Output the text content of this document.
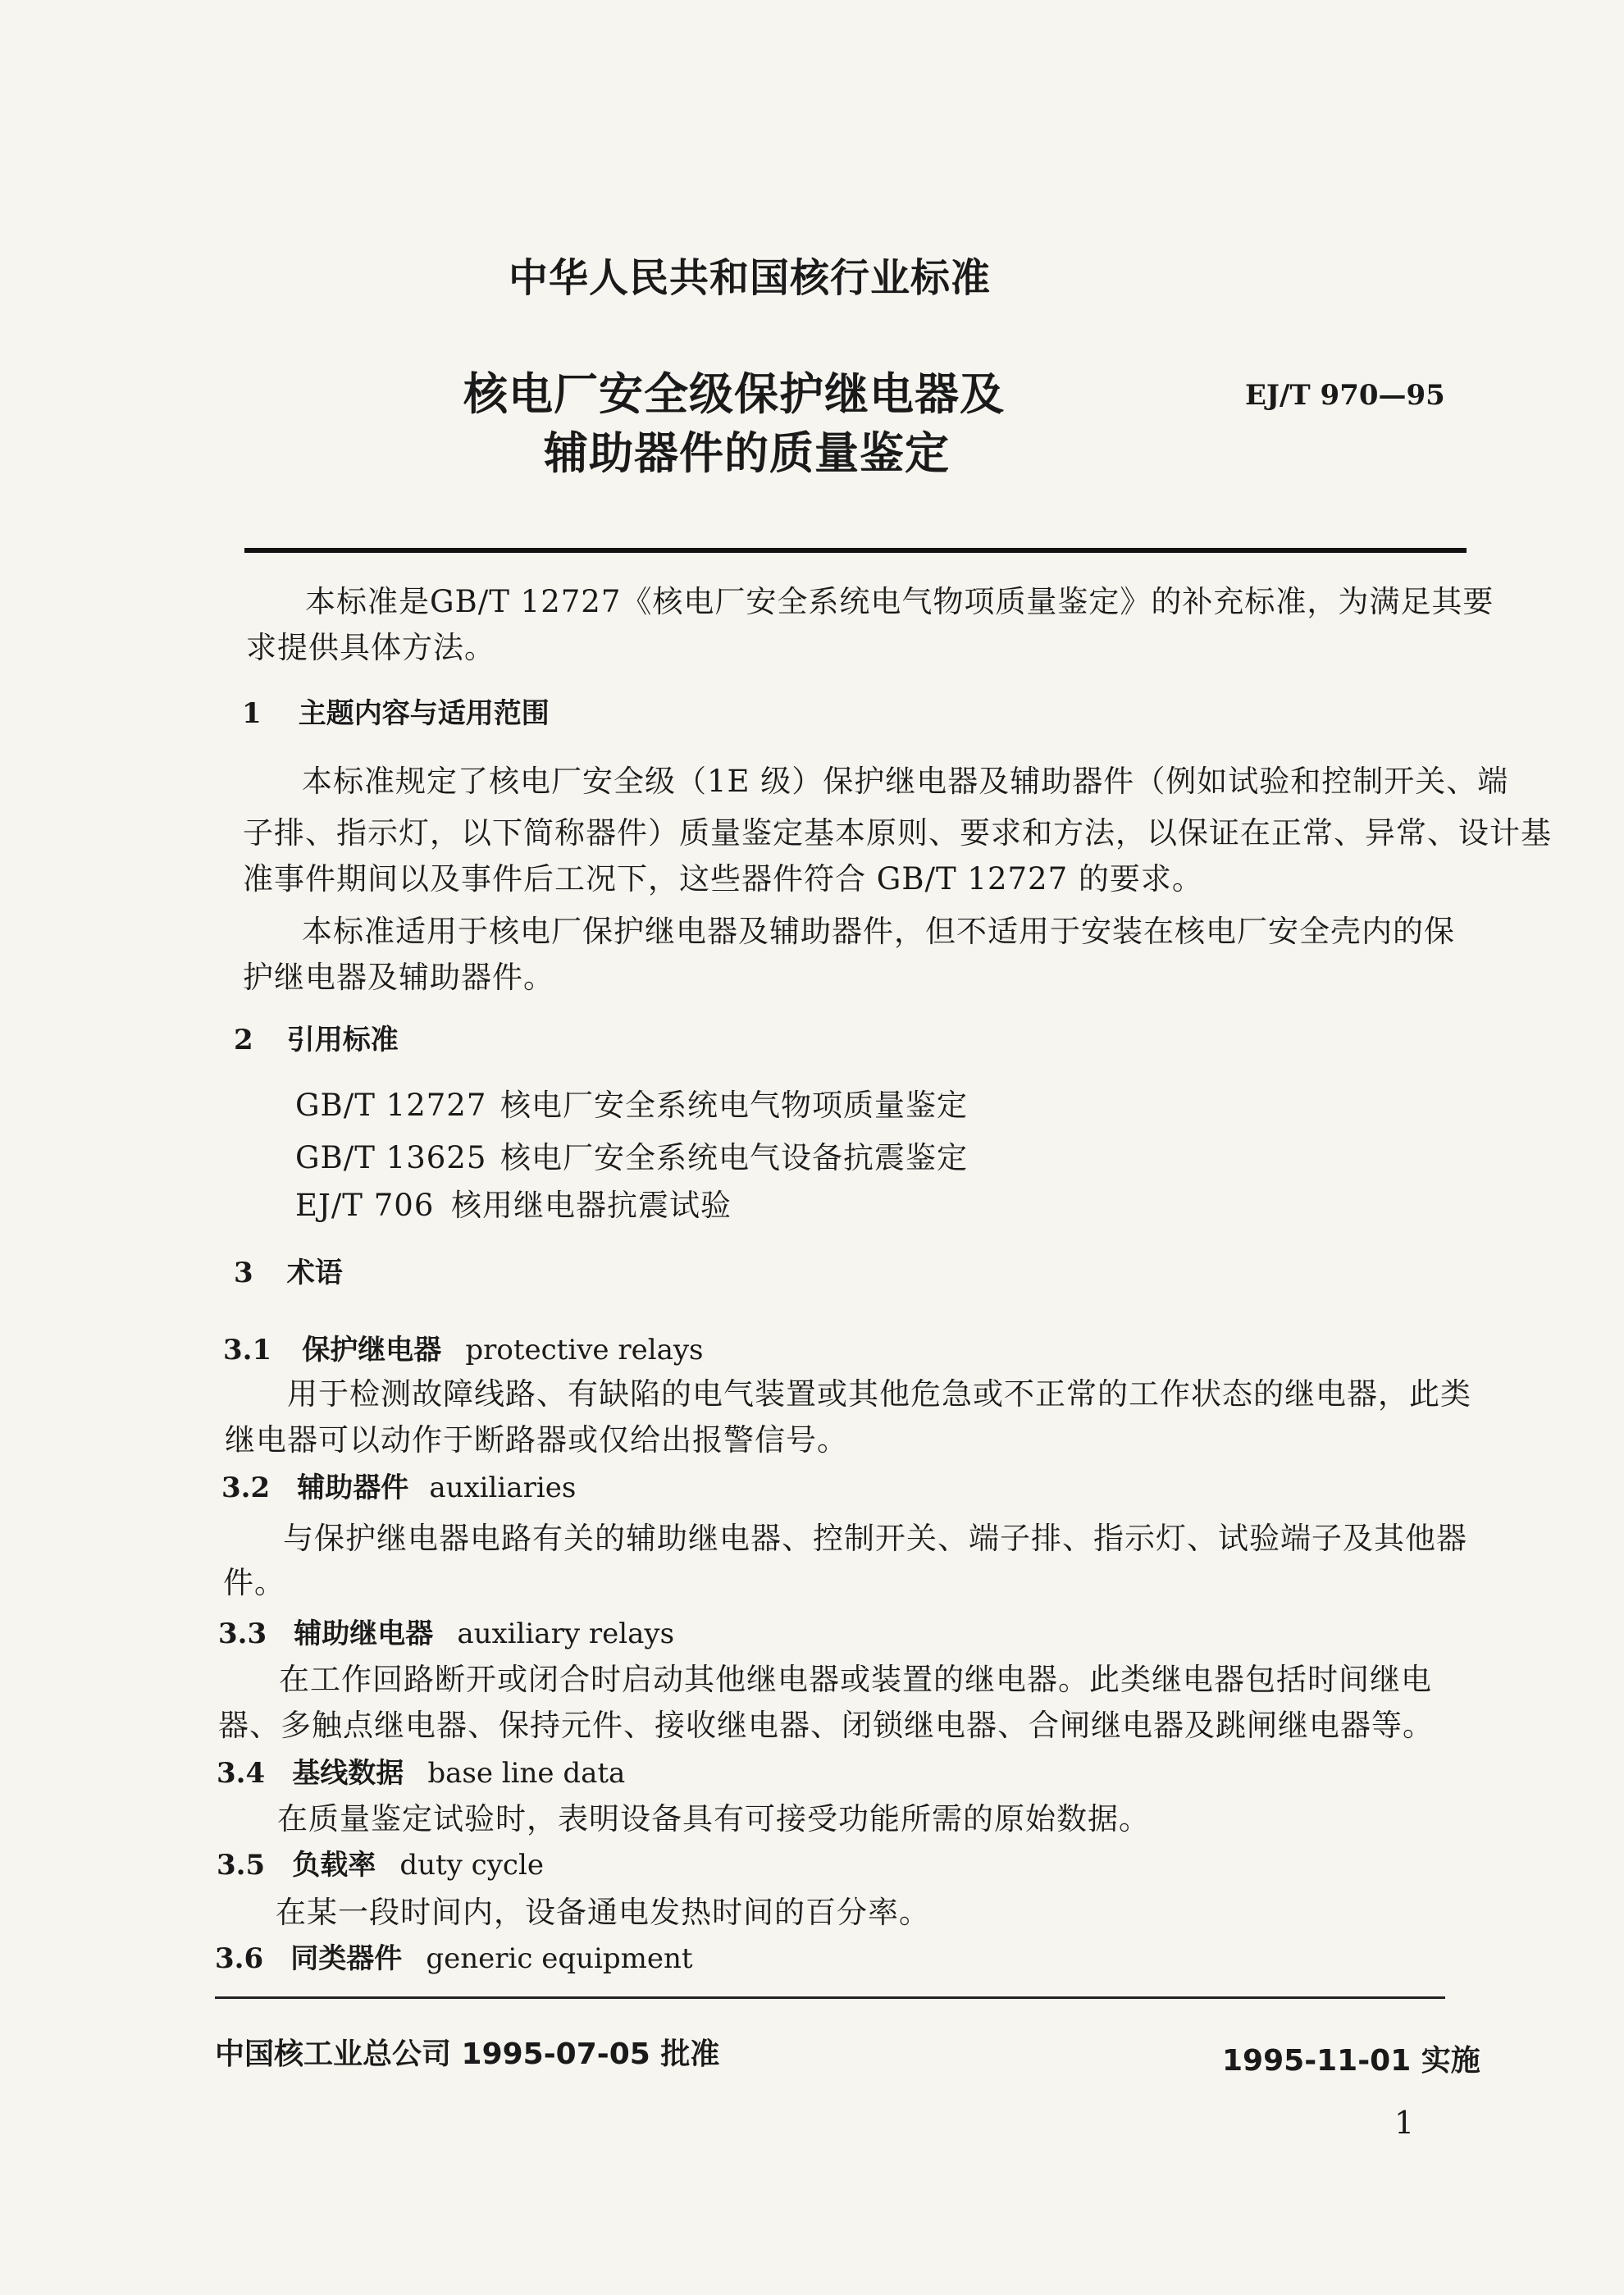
中华人民共和国核行业标准
核电厂安全级保护继电器及
辅助器件的质量鉴定
EJ/T 970—95
本标准是GB/T 12727《核电厂安全系统电气物项质量鉴定》的补充标准，为满足其要
求提供具体方法。
1 主题内容与适用范围
本标准规定了核电厂安全级（1E 级）保护继电器及辅助器件（例如试验和控制开关、端
子排、指示灯，以下简称器件）质量鉴定基本原则、要求和方法，以保证在正常、异常、设计基
准事件期间以及事件后工况下，这些器件符合 GB/T 12727 的要求。
本标准适用于核电厂保护继电器及辅助器件，但不适用于安装在核电厂安全壳内的保
护继电器及辅助器件。
2 引用标准
GB/T 12727 核电厂安全系统电气物项质量鉴定
GB/T 13625 核电厂安全系统电气设备抗震鉴定
EJ/T 706 核用继电器抗震试验
3 术语
3.1 保护继电器 protective relays
用于检测故障线路、有缺陷的电气装置或其他危急或不正常的工作状态的继电器，此类
继电器可以动作于断路器或仅给出报警信号。
3.2 辅助器件 auxiliaries
与保护继电器电路有关的辅助继电器、控制开关、端子排、指示灯、试验端子及其他器
件。
3.3 辅助继电器 auxiliary relays
在工作回路断开或闭合时启动其他继电器或装置的继电器。此类继电器包括时间继电
器、多触点继电器、保持元件、接收继电器、闭锁继电器、合闸继电器及跳闸继电器等。
3.4 基线数据 base line data
在质量鉴定试验时，表明设备具有可接受功能所需的原始数据。
3.5 负载率 duty cycle
在某一段时间内，设备通电发热时间的百分率。
3.6 同类器件 generic equipment
中国核工业总公司 1995-07-05 批准	1995-11-01 实施
1
